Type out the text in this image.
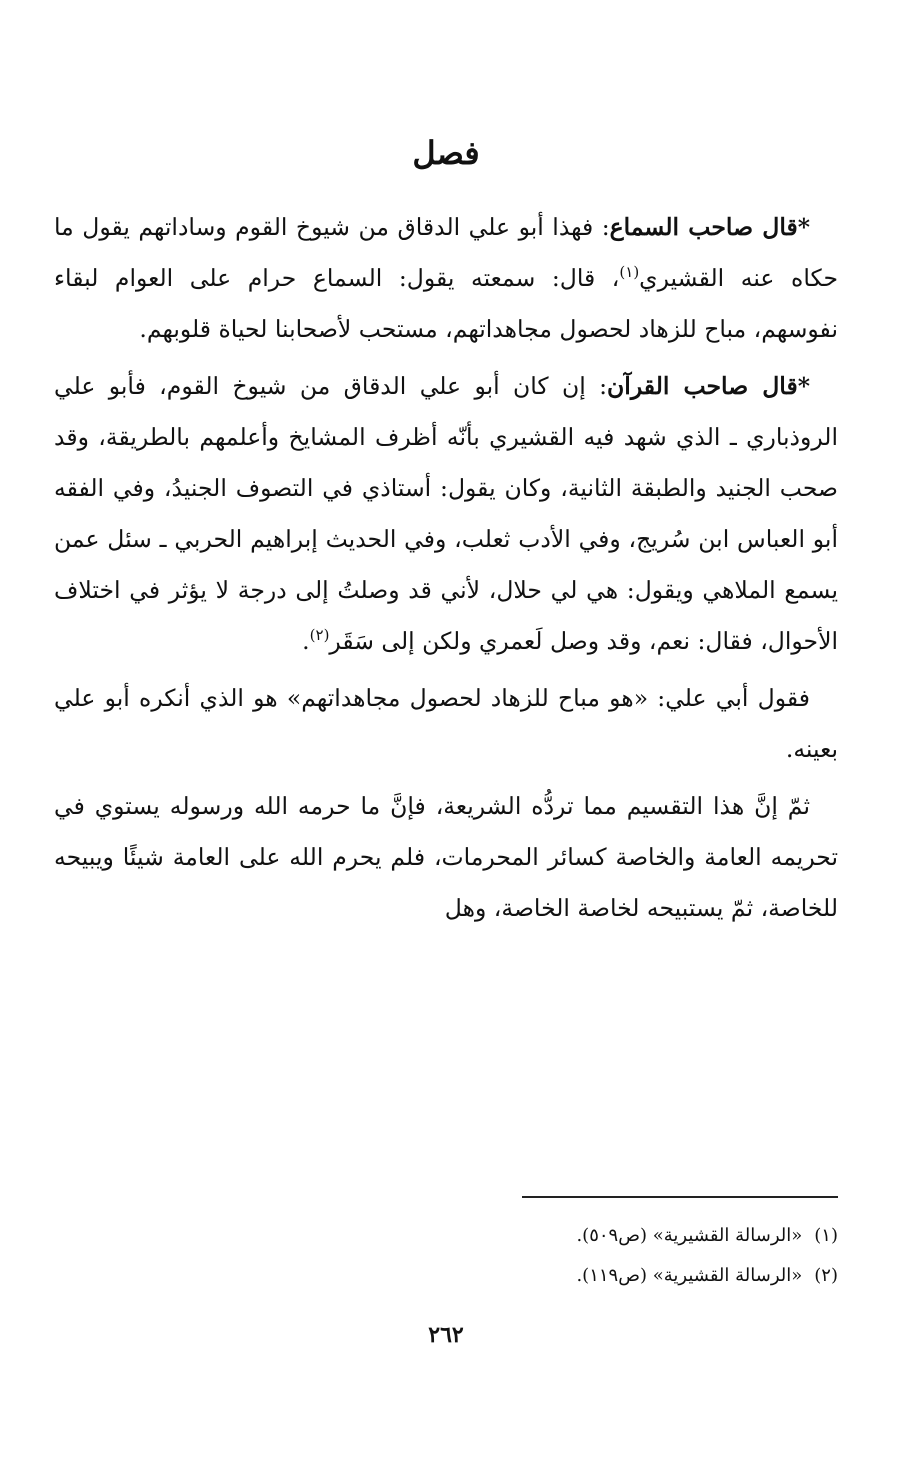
فصل

*قال صاحب السماع: فهذا أبو علي الدقاق من شيوخ القوم وساداتهم يقول ما حكاه عنه القشيري$^{(١)}$، قال: سمعته يقول: السماع حرام على العوام لبقاء نفوسهم، مباح للزهاد لحصول مجاهداتهم، مستحب لأصحابنا لحياة قلوبهم.

*قال صاحب القرآن: إن كان أبو علي الدقاق من شيوخ القوم، فأبو علي الروذباري ـ الذي شهد فيه القشيري بأنّه أظرف المشايخ وأعلمهم بالطريقة، وقد صحب الجنيد والطبقة الثانية، وكان يقول: أستاذي في التصوف الجنيدُ، وفي الفقه أبو العباس ابن سُريج، وفي الأدب ثعلب، وفي الحديث إبراهيم الحربي ـ سئل عمن يسمع الملاهي ويقول: هي لي حلال، لأني قد وصلتُ إلى درجة لا يؤثر في اختلاف الأحوال، فقال: نعم، وقد وصل لَعمري ولكن إلى سَقَر$^{(٢)}$.

فقول أبي علي: «هو مباح للزهاد لحصول مجاهداتهم» هو الذي أنكره أبو علي بعينه.

ثمّ إنَّ هذا التقسيم مما تردُّه الشريعة، فإنَّ ما حرمه الله ورسوله يستوي في تحريمه العامة والخاصة كسائر المحرمات، فلم يحرم الله على العامة شيئًا ويبيحه للخاصة، ثمّ يستبيحه لخاصة الخاصة، وهل

(١)
«الرسالة القشيرية» (ص٥٠٩).

(٢)
«الرسالة القشيرية» (ص١١٩).

٢٦٢
